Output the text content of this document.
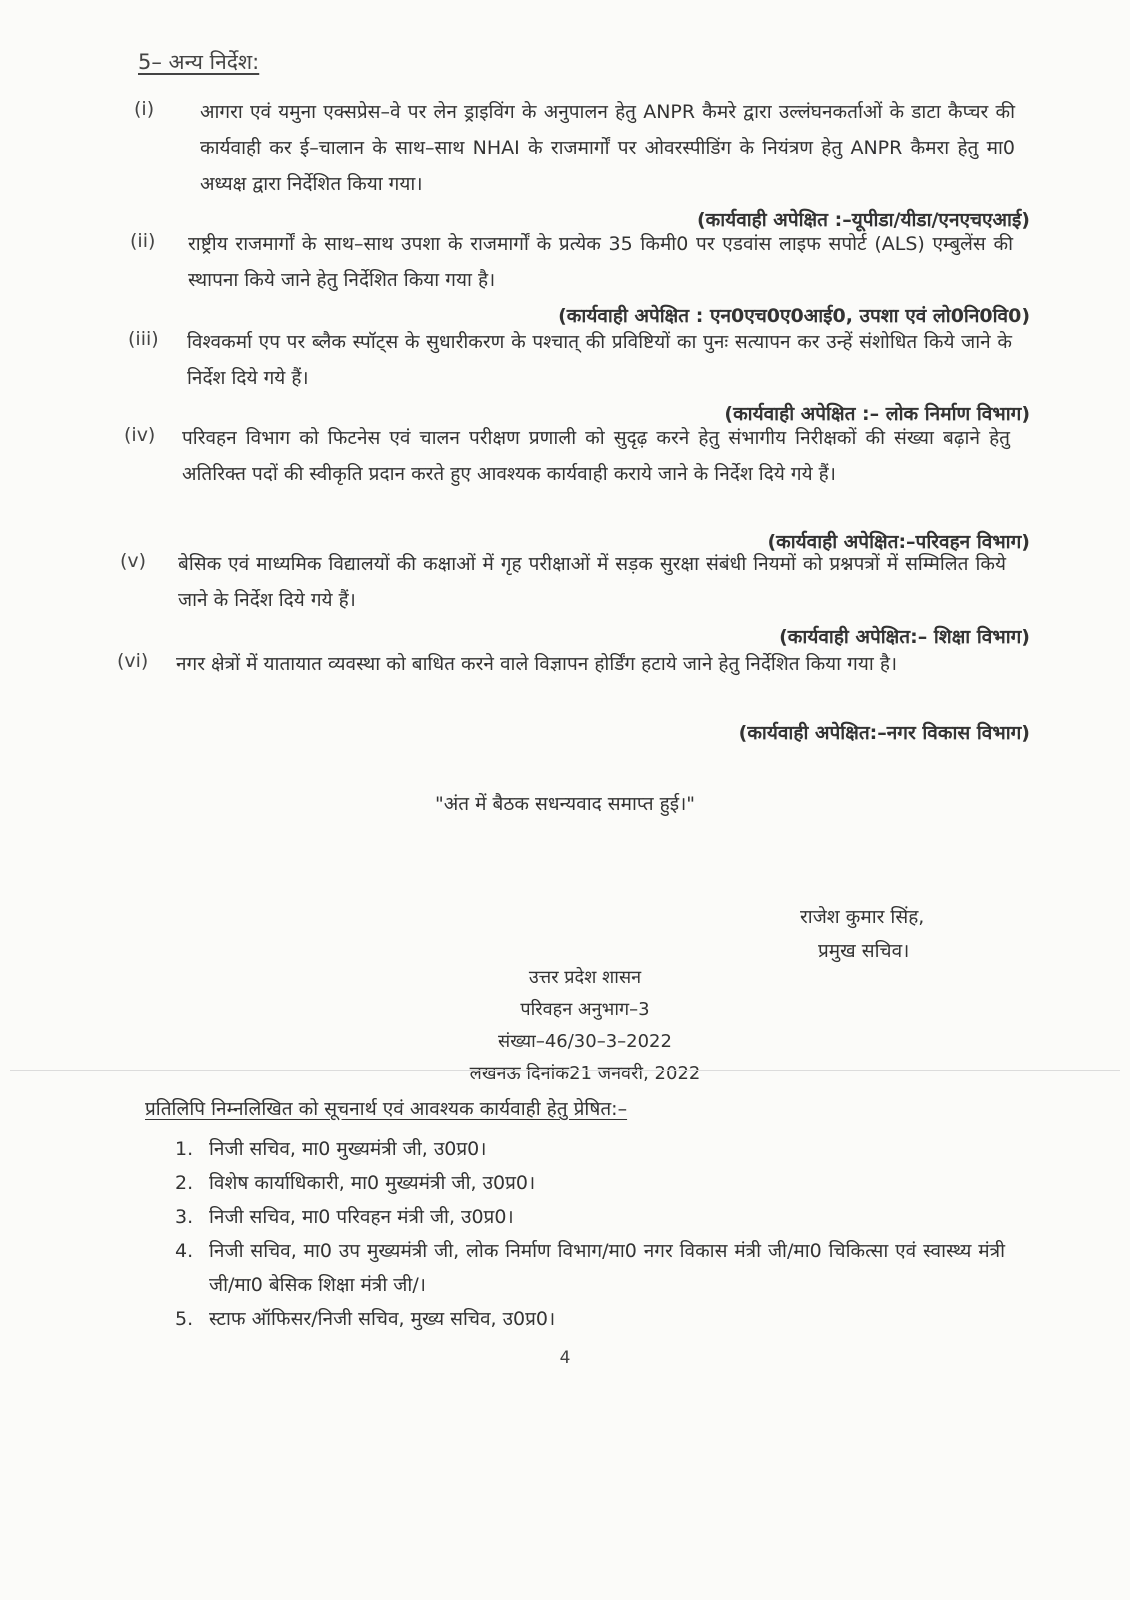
5– अन्य निर्देश:
(i) आगरा एवं यमुना एक्सप्रेस–वे पर लेन ड्राइविंग के अनुपालन हेतु ANPR कैमरे द्वारा उल्लंघनकर्ताओं के डाटा कैप्चर की कार्यवाही कर ई–चालान के साथ–साथ NHAI के राजमार्गों पर ओवरस्पीडिंग के नियंत्रण हेतु ANPR कैमरा हेतु मा0 अध्यक्ष द्वारा निर्देशित किया गया।
(कार्यवाही अपेक्षित :–यूपीडा/यीडा/एनएचएआई)
(ii) राष्ट्रीय राजमार्गों के साथ–साथ उपशा के राजमार्गों के प्रत्येक 35 किमी0 पर एडवांस लाइफ सपोर्ट (ALS) एम्बुलेंस की स्थापना किये जाने हेतु निर्देशित किया गया है।
(कार्यवाही अपेक्षित : एन0एच0ए0आई0, उपशा एवं लो0नि0वि0)
(iii) विश्वकर्मा एप पर ब्लैक स्पॉट्स के सुधारीकरण के पश्चात् की प्रविष्टियों का पुनः सत्यापन कर उन्हें संशोधित किये जाने के निर्देश दिये गये हैं।
(कार्यवाही अपेक्षित :– लोक निर्माण विभाग)
(iv) परिवहन विभाग को फिटनेस एवं चालन परीक्षण प्रणाली को सुदृढ़ करने हेतु संभागीय निरीक्षकों की संख्या बढ़ाने हेतु अतिरिक्त पदों की स्वीकृति प्रदान करते हुए आवश्यक कार्यवाही कराये जाने के निर्देश दिये गये हैं।
(कार्यवाही अपेक्षित:–परिवहन विभाग)
(v) बेसिक एवं माध्यमिक विद्यालयों की कक्षाओं में गृह परीक्षाओं में सड़क सुरक्षा संबंधी नियमों को प्रश्नपत्रों में सम्मिलित किये जाने के निर्देश दिये गये हैं।
(कार्यवाही अपेक्षित:– शिक्षा विभाग)
(vi) नगर क्षेत्रों में यातायात व्यवस्था को बाधित करने वाले विज्ञापन होर्डिंग हटाये जाने हेतु निर्देशित किया गया है।
(कार्यवाही अपेक्षित:–नगर विकास विभाग)
"अंत में बैठक सधन्यवाद समाप्त हुई।"
राजेश कुमार सिंह,
प्रमुख सचिव।
उत्तर प्रदेश शासन
परिवहन अनुभाग–3
संख्या–46/30–3–2022
लखनऊ दिनांक21 जनवरी, 2022
प्रतिलिपि निम्नलिखित को सूचनार्थ एवं आवश्यक कार्यवाही हेतु प्रेषित:–
1. निजी सचिव, मा0 मुख्यमंत्री जी, उ0प्र0।
2. विशेष कार्याधिकारी, मा0 मुख्यमंत्री जी, उ0प्र0।
3. निजी सचिव, मा0 परिवहन मंत्री जी, उ0प्र0।
4. निजी सचिव, मा0 उप मुख्यमंत्री जी, लोक निर्माण विभाग/मा0 नगर विकास मंत्री जी/मा0 चिकित्सा एवं स्वास्थ्य मंत्री जी/मा0 बेसिक शिक्षा मंत्री जी/।
5. स्टाफ ऑफिसर/निजी सचिव, मुख्य सचिव, उ0प्र0।
4
